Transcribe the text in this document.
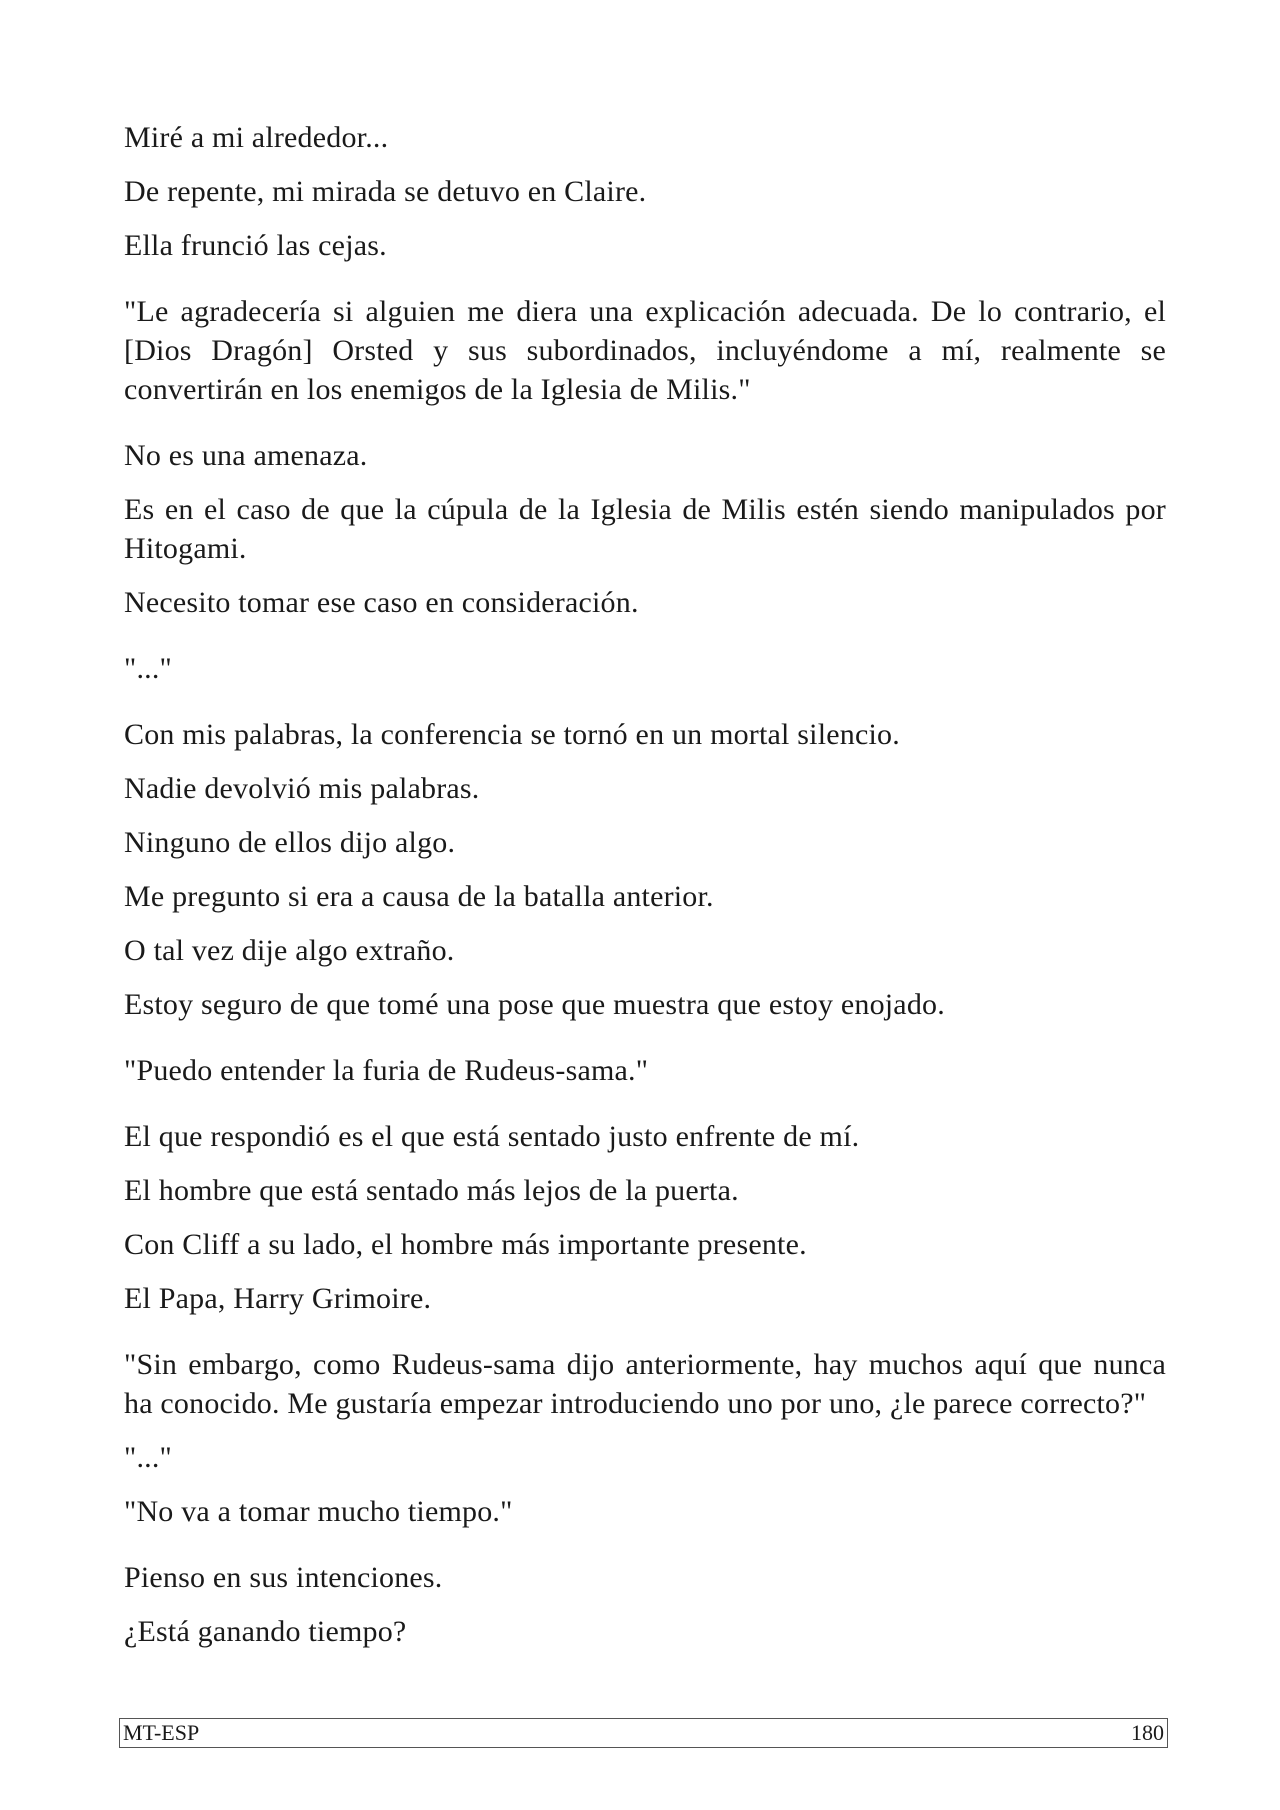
Miré a mi alrededor...

De repente, mi mirada se detuvo en Claire.

Ella frunció las cejas.

"Le agradecería si alguien me diera una explicación adecuada. De lo contrario, el [Dios Dragón] Orsted y sus subordinados, incluyéndome a mí, realmente se convertirán en los enemigos de la Iglesia de Milis."

No es una amenaza.

Es en el caso de que la cúpula de la Iglesia de Milis estén siendo manipulados por Hitogami.

Necesito tomar ese caso en consideración.

"..."

Con mis palabras, la conferencia se tornó en un mortal silencio.

Nadie devolvió mis palabras.

Ninguno de ellos dijo algo.

Me pregunto si era a causa de la batalla anterior.

O tal vez dije algo extraño.

Estoy seguro de que tomé una pose que muestra que estoy enojado.

"Puedo entender la furia de Rudeus-sama."

El que respondió es el que está sentado justo enfrente de mí.

El hombre que está sentado más lejos de la puerta.

Con Cliff a su lado, el hombre más importante presente.

El Papa, Harry Grimoire.

"Sin embargo, como Rudeus-sama dijo anteriormente, hay muchos aquí que nunca ha conocido. Me gustaría empezar introduciendo uno por uno, ¿le parece correcto?"

"..."

"No va a tomar mucho tiempo."

Pienso en sus intenciones.

¿Está ganando tiempo?

MT-ESP	180
